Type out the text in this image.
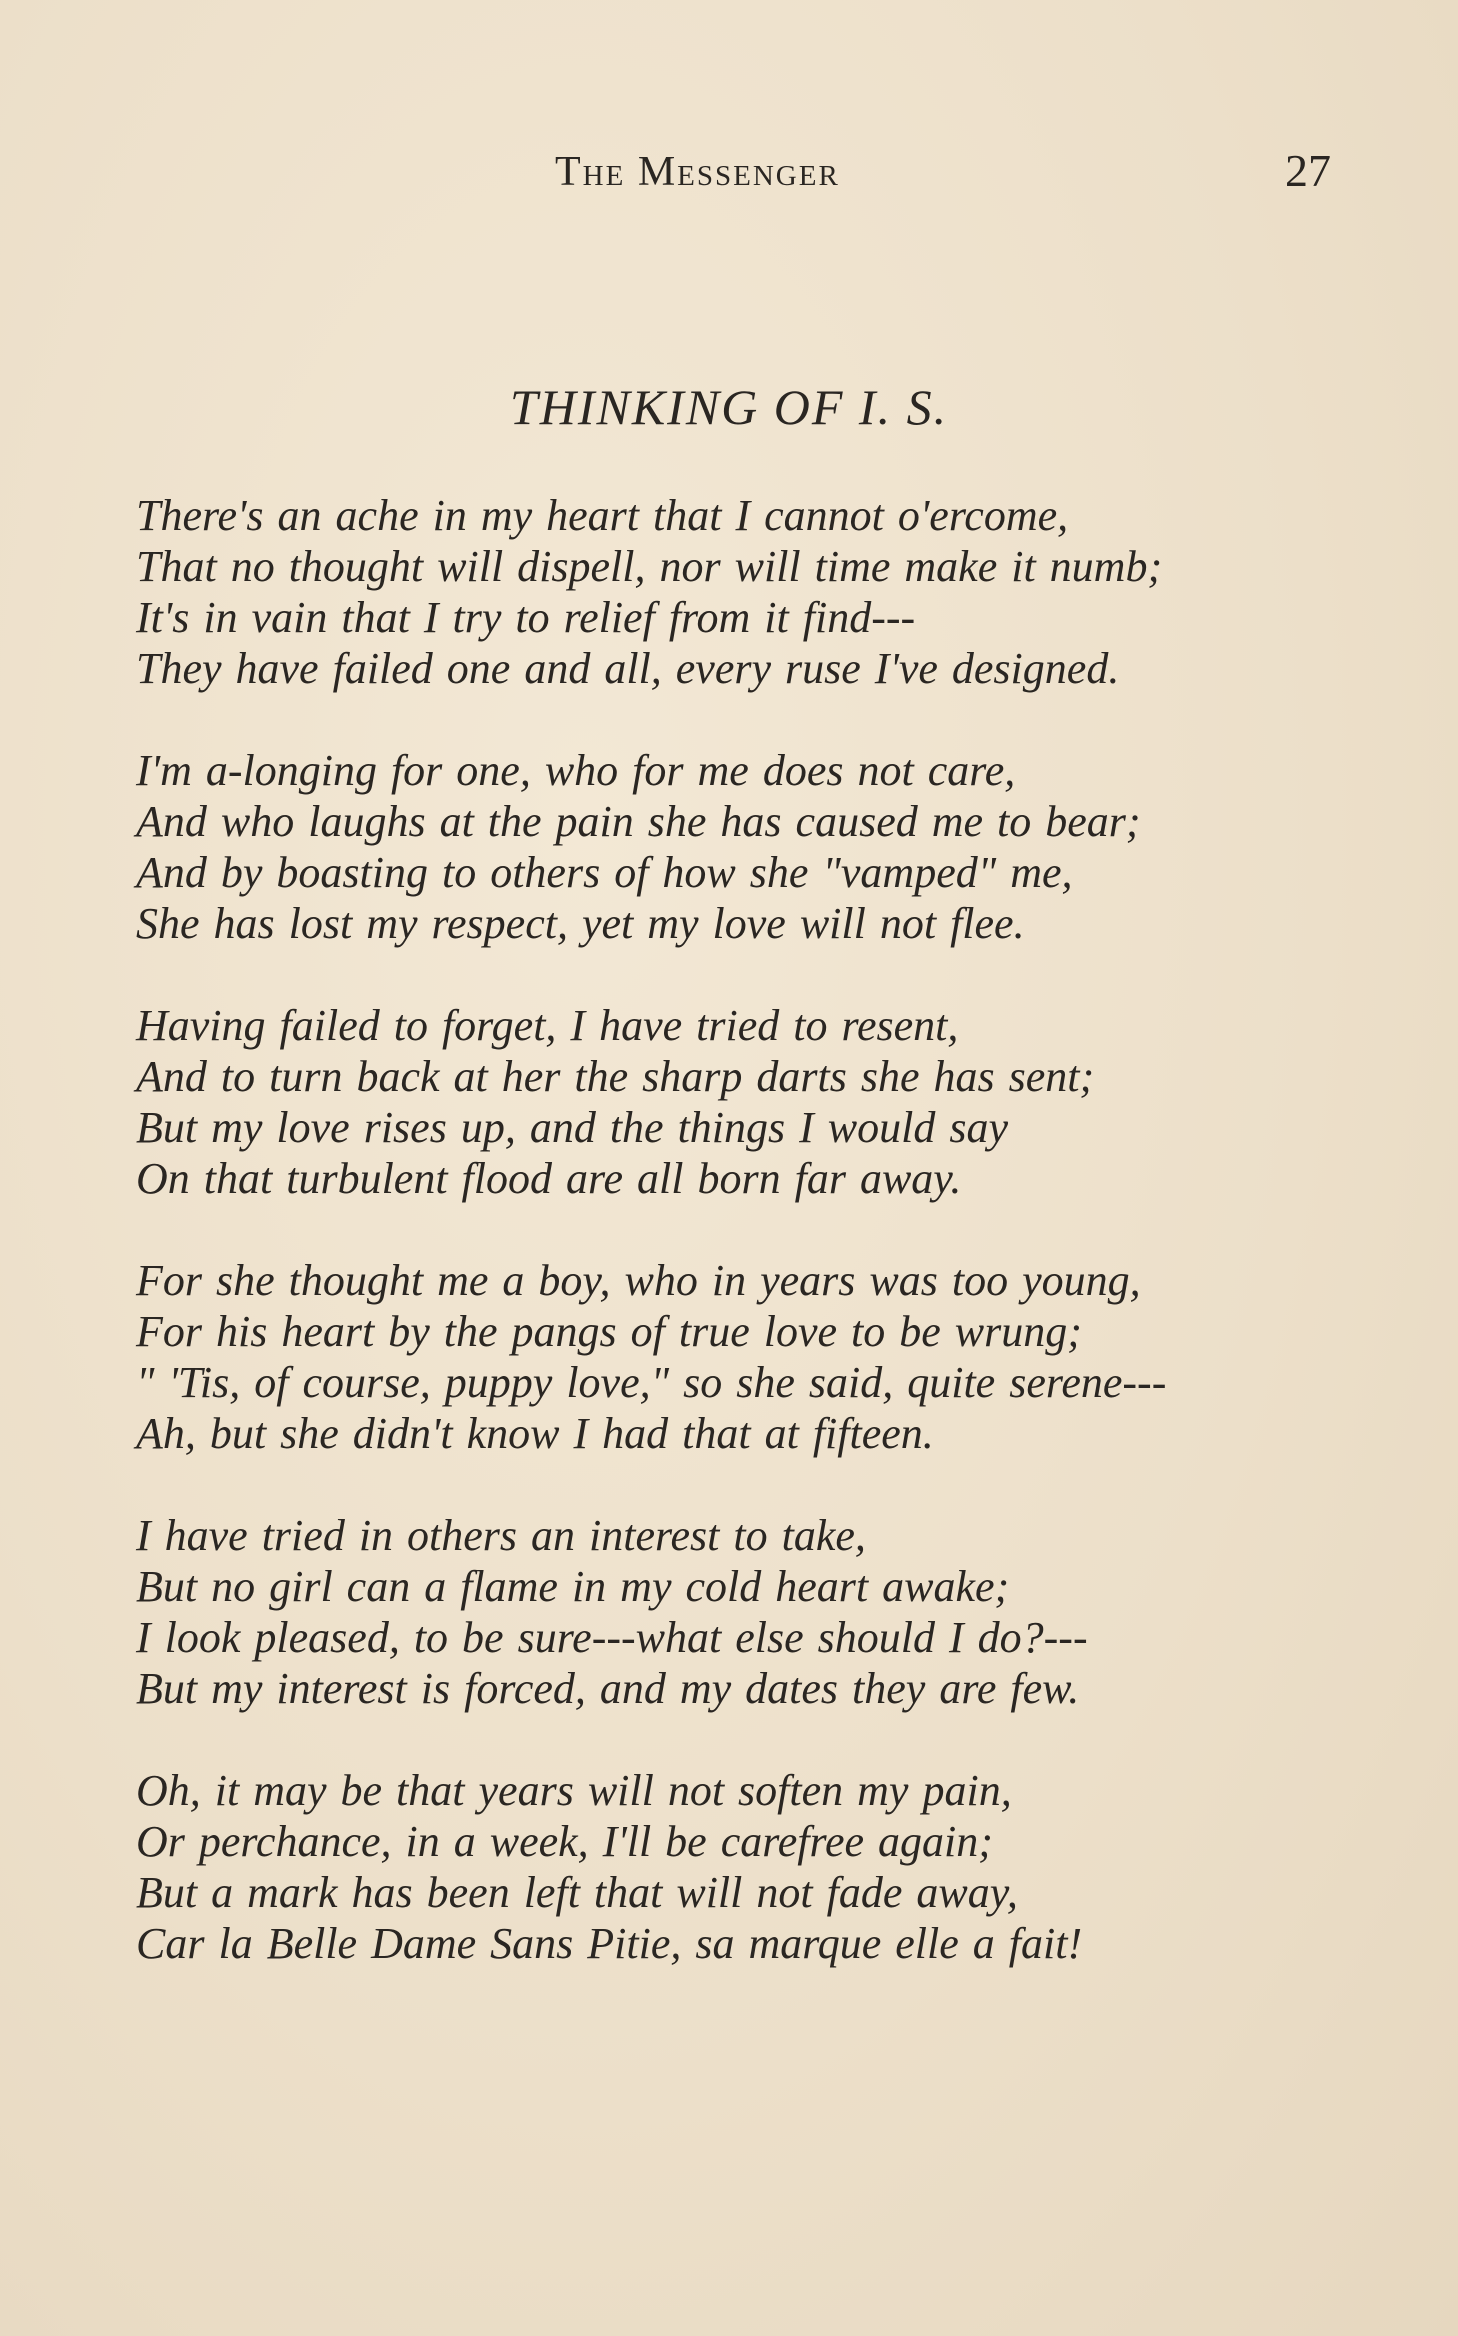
The Messenger	27
THINKING OF I. S.
There's an ache in my heart that I cannot o'ercome,
That no thought will dispell, nor will time make it numb;
It's in vain that I try to relief from it find---
They have failed one and all, every ruse I've designed.
I'm a-longing for one, who for me does not care,
And who laughs at the pain she has caused me to bear;
And by boasting to others of how she "vamped" me,
She has lost my respect, yet my love will not flee.
Having failed to forget, I have tried to resent,
And to turn back at her the sharp darts she has sent;
But my love rises up, and the things I would say
On that turbulent flood are all born far away.
For she thought me a boy, who in years was too young,
For his heart by the pangs of true love to be wrung;
" 'Tis, of course, puppy love," so she said, quite serene---
Ah, but she didn't know I had that at fifteen.
I have tried in others an interest to take,
But no girl can a flame in my cold heart awake;
I look pleased, to be sure---what else should I do?---
But my interest is forced, and my dates they are few.
Oh, it may be that years will not soften my pain,
Or perchance, in a week, I'll be carefree again;
But a mark has been left that will not fade away,
Car la Belle Dame Sans Pitie, sa marque elle a fait!
